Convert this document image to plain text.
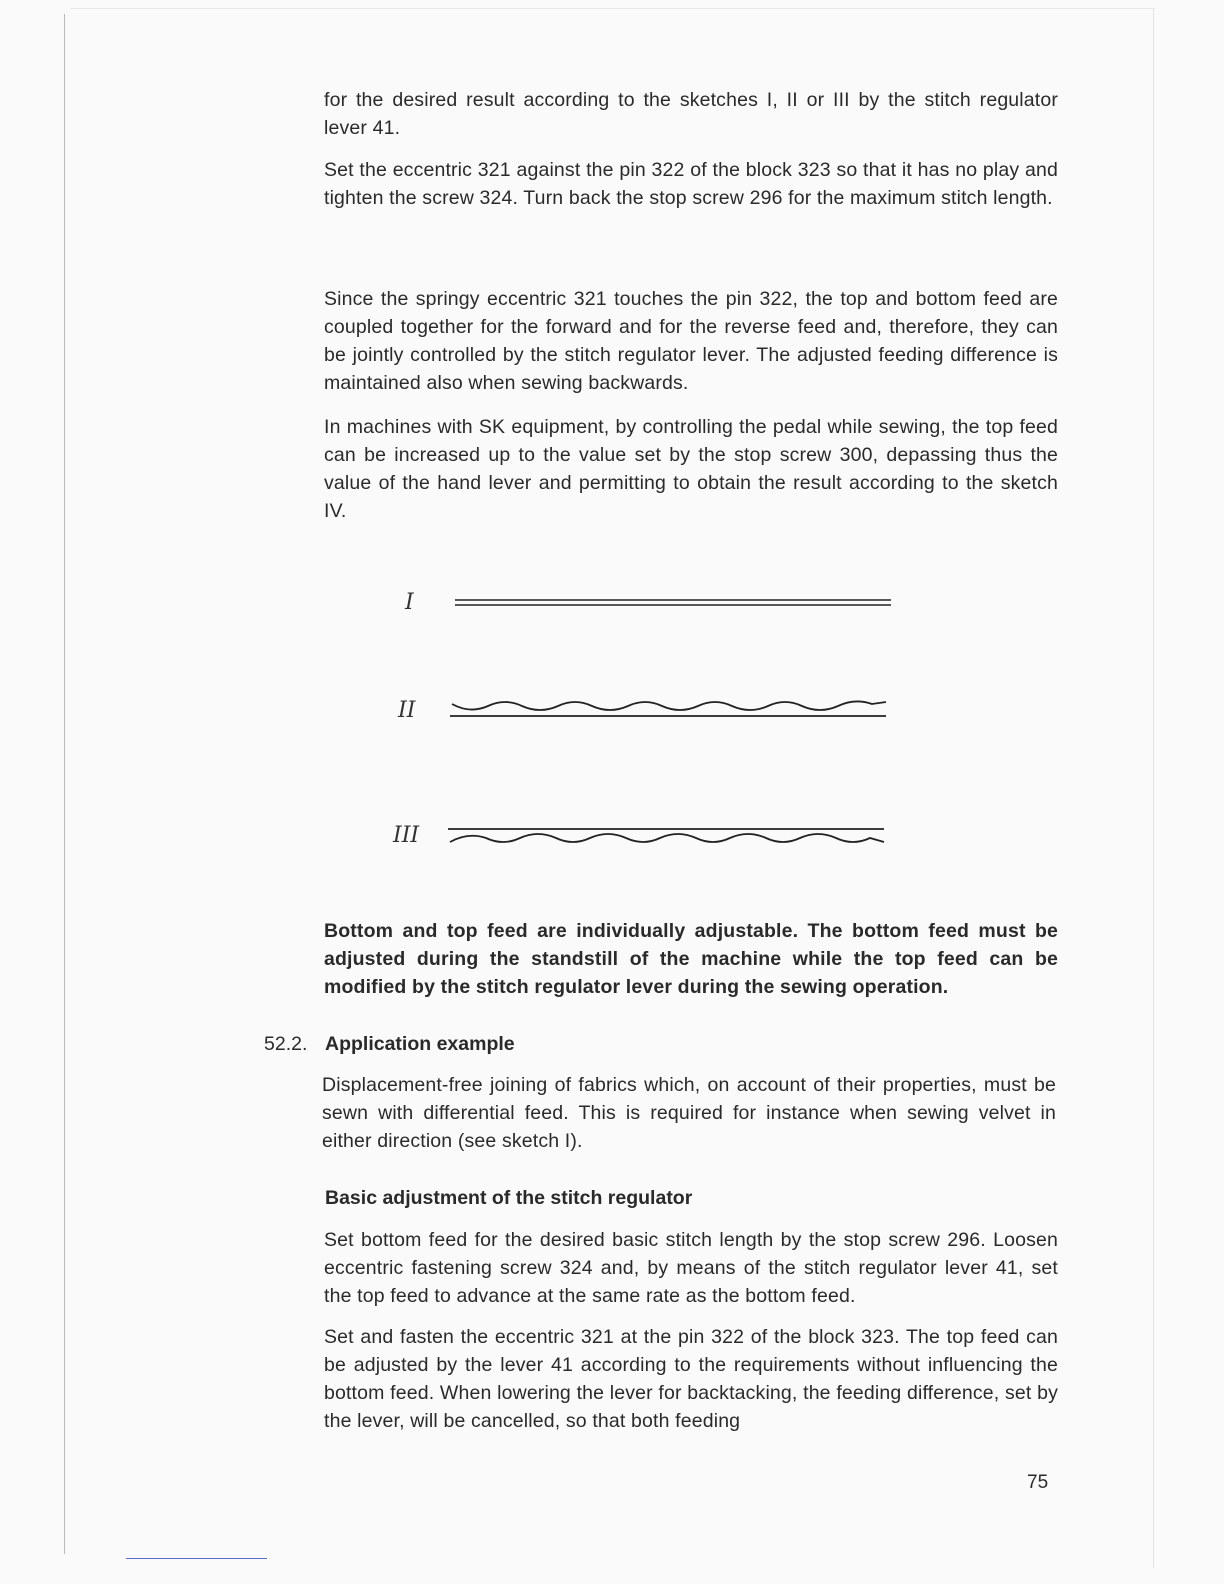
for the desired result according to the sketches I, II or III by the stitch regulator lever 41.

Set the eccentric 321 against the pin 322 of the block 323 so that it has no play and tighten the screw 324. Turn back the stop screw 296 for the maximum stitch length.

Since the springy eccentric 321 touches the pin 322, the top and bottom feed are coupled together for the forward and for the reverse feed and, therefore, they can be jointly controlled by the stitch regulator lever. The adjusted feeding difference is maintained also when sewing backwards.

In machines with SK equipment, by controlling the pedal while sewing, the top feed can be increased up to the value set by the stop screw 300, depassing thus the value of the hand lever and permitting to obtain the result according to the sketch IV.

I
II
III

Bottom and top feed are individually adjustable. The bottom feed must be adjusted during the standstill of the machine while the top feed can be modified by the stitch regulator lever during the sewing operation.

52.2. Application example

Displacement-free joining of fabrics which, on account of their properties, must be sewn with differential feed. This is required for instance when sewing velvet in either direction (see sketch I).

Basic adjustment of the stitch regulator

Set bottom feed for the desired basic stitch length by the stop screw 296. Loosen eccentric fastening screw 324 and, by means of the stitch regulator lever 41, set the top feed to advance at the same rate as the bottom feed.

Set and fasten the eccentric 321 at the pin 322 of the block 323. The top feed can be adjusted by the lever 41 according to the requirements without influencing the bottom feed. When lowering the lever for backtacking, the feeding difference, set by the lever, will be cancelled, so that both feeding

75
